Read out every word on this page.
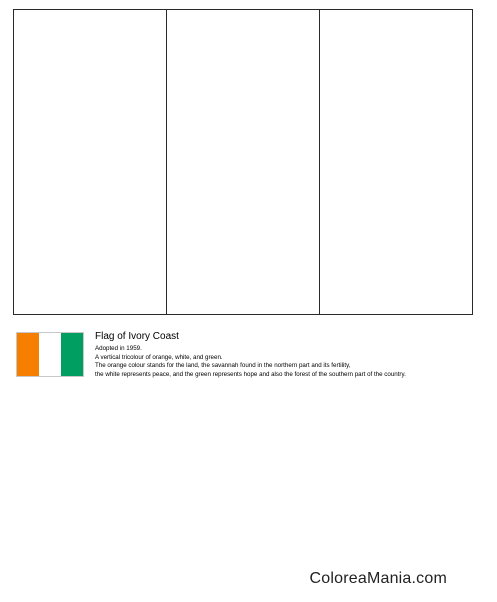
Flag of Ivory Coast
Adopted in 1959.
A vertical tricolour of orange, white, and green.
The orange colour stands for the land, the savannah found in the northern part and its fertility,
the white represents peace, and the green represents hope and also the forest of the southern part of the country.
ColoreaMania.com
